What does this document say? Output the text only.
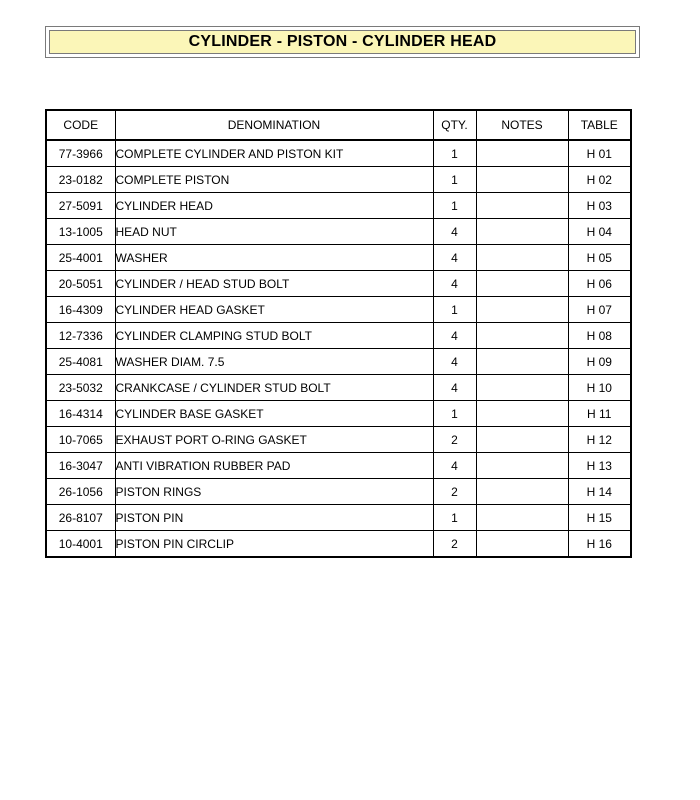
CYLINDER - PISTON - CYLINDER HEAD
CODE	DENOMINATION	QTY.	NOTES	TABLE
77-3966	COMPLETE CYLINDER AND PISTON KIT	1		H 01
23-0182	COMPLETE PISTON	1		H 02
27-5091	CYLINDER HEAD	1		H 03
13-1005	HEAD NUT	4		H 04
25-4001	WASHER	4		H 05
20-5051	CYLINDER / HEAD STUD BOLT	4		H 06
16-4309	CYLINDER HEAD GASKET	1		H 07
12-7336	CYLINDER CLAMPING STUD BOLT	4		H 08
25-4081	WASHER DIAM. 7.5	4		H 09
23-5032	CRANKCASE / CYLINDER STUD BOLT	4		H 10
16-4314	CYLINDER BASE GASKET	1		H 11
10-7065	EXHAUST PORT O-RING GASKET	2		H 12
16-3047	ANTI VIBRATION RUBBER PAD	4		H 13
26-1056	PISTON RINGS	2		H 14
26-8107	PISTON PIN	1		H 15
10-4001	PISTON PIN CIRCLIP	2		H 16
